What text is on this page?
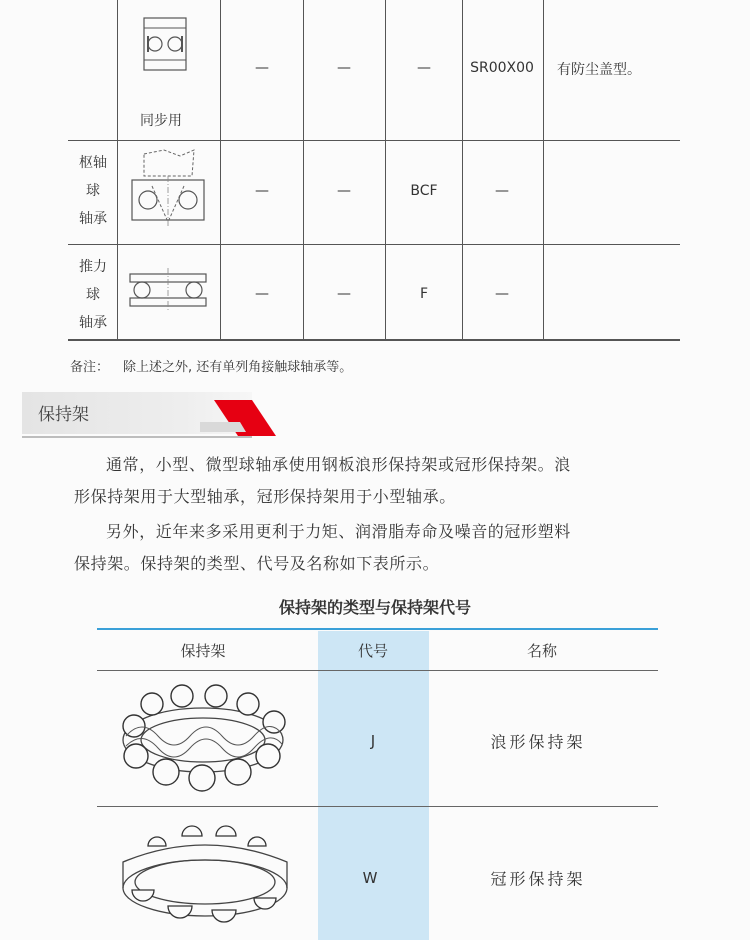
同步用
—	—	—	SR00X00 有防尘盖型。
枢轴
球
轴承
—	—	BCF	—
推力
球
轴承
—	—	F	—
备注： 除上述之外, 还有单列角接触球轴承等。
保持架
通常，小型、微型球轴承使用钢板浪形保持架或冠形保持架。浪
形保持架用于大型轴承，冠形保持架用于小型轴承。
另外，近年来多采用更利于力矩、润滑脂寿命及噪音的冠形塑料
保持架。保持架的类型、代号及名称如下表所示。
保持架的类型与保持架代号
保持架	代号	名称
J	浪形保持架
W	冠形保持架
